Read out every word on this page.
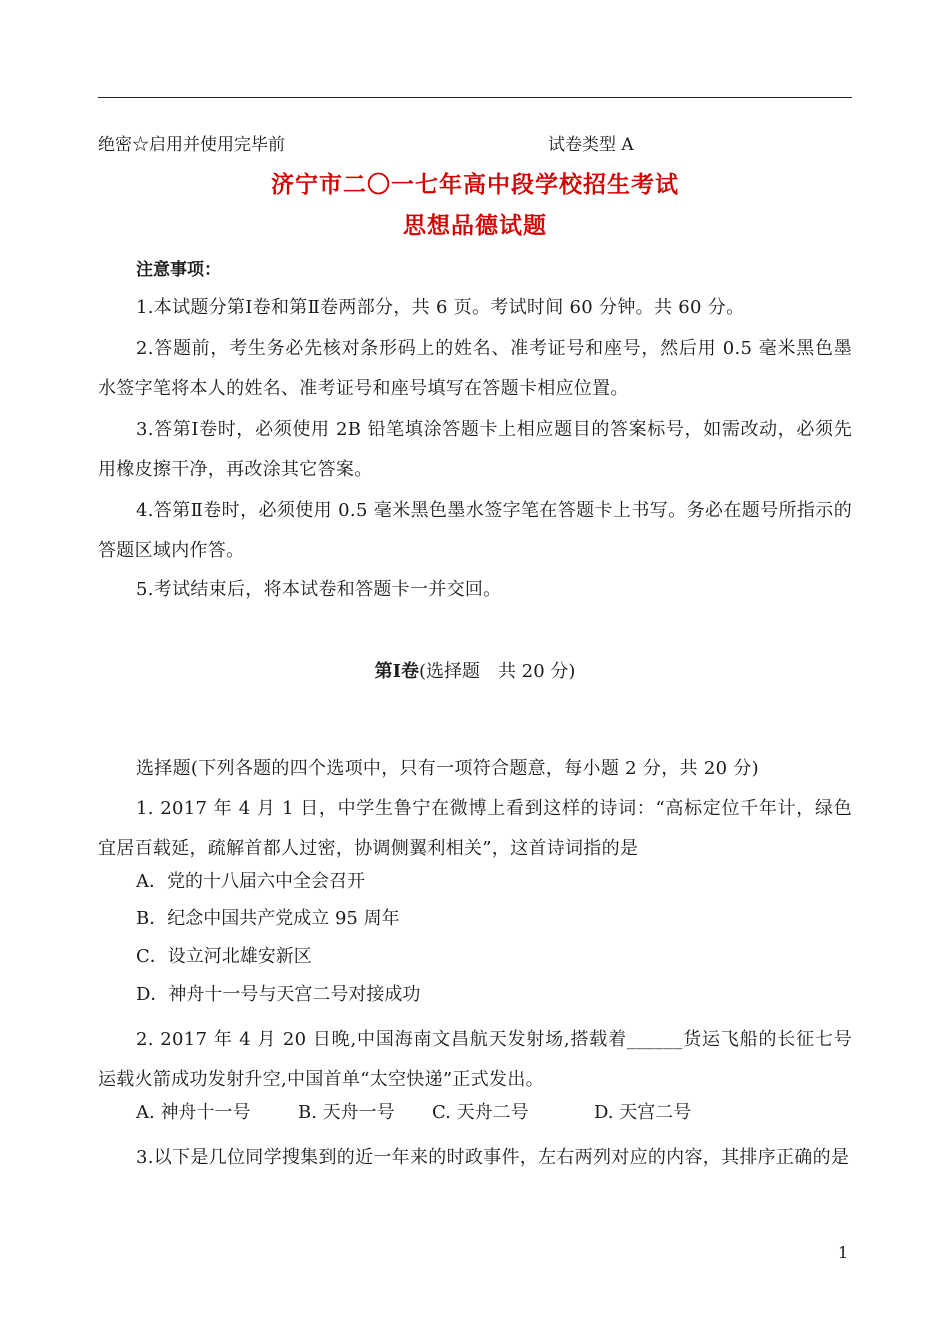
绝密☆启用并使用完毕前	试卷类型 A
济宁市二〇一七年高中段学校招生考试
思想品德试题
注意事项：
1.本试题分第Ⅰ卷和第Ⅱ卷两部分，共 6 页。考试时间 60 分钟。共 60 分。
2.答题前，考生务必先核对条形码上的姓名、准考证号和座号，然后用 0.5 毫米黑色墨水签字笔将本人的姓名、准考证号和座号填写在答题卡相应位置。
3.答第Ⅰ卷时，必须使用 2B 铅笔填涂答题卡上相应题目的答案标号，如需改动，必须先用橡皮擦干净，再改涂其它答案。
4.答第Ⅱ卷时，必须使用 0.5 毫米黑色墨水签字笔在答题卡上书写。务必在题号所指示的答题区域内作答。
5.考试结束后，将本试卷和答题卡一并交回。
第Ⅰ卷(选择题　共 20 分)
选择题(下列各题的四个选项中，只有一项符合题意，每小题 2 分，共 20 分)
1. 2017 年 4 月 1 日，中学生鲁宁在微博上看到这样的诗词：“高标定位千年计，绿色宜居百载延，疏解首都人过密，协调侧翼利相关”，这首诗词指的是
A．党的十八届六中全会召开
B．纪念中国共产党成立 95 周年
C．设立河北雄安新区
D．神舟十一号与天宫二号对接成功
2. 2017 年 4 月 20 日晚,中国海南文昌航天发射场,搭载着______货运飞船的长征七号运载火箭成功发射升空,中国首单“太空快递”正式发出。
A. 神舟十一号	B. 天舟一号 C. 天舟二号	D. 天宫二号
3.以下是几位同学搜集到的近一年来的时政事件，左右两列对应的内容，其排序正确的是
1
